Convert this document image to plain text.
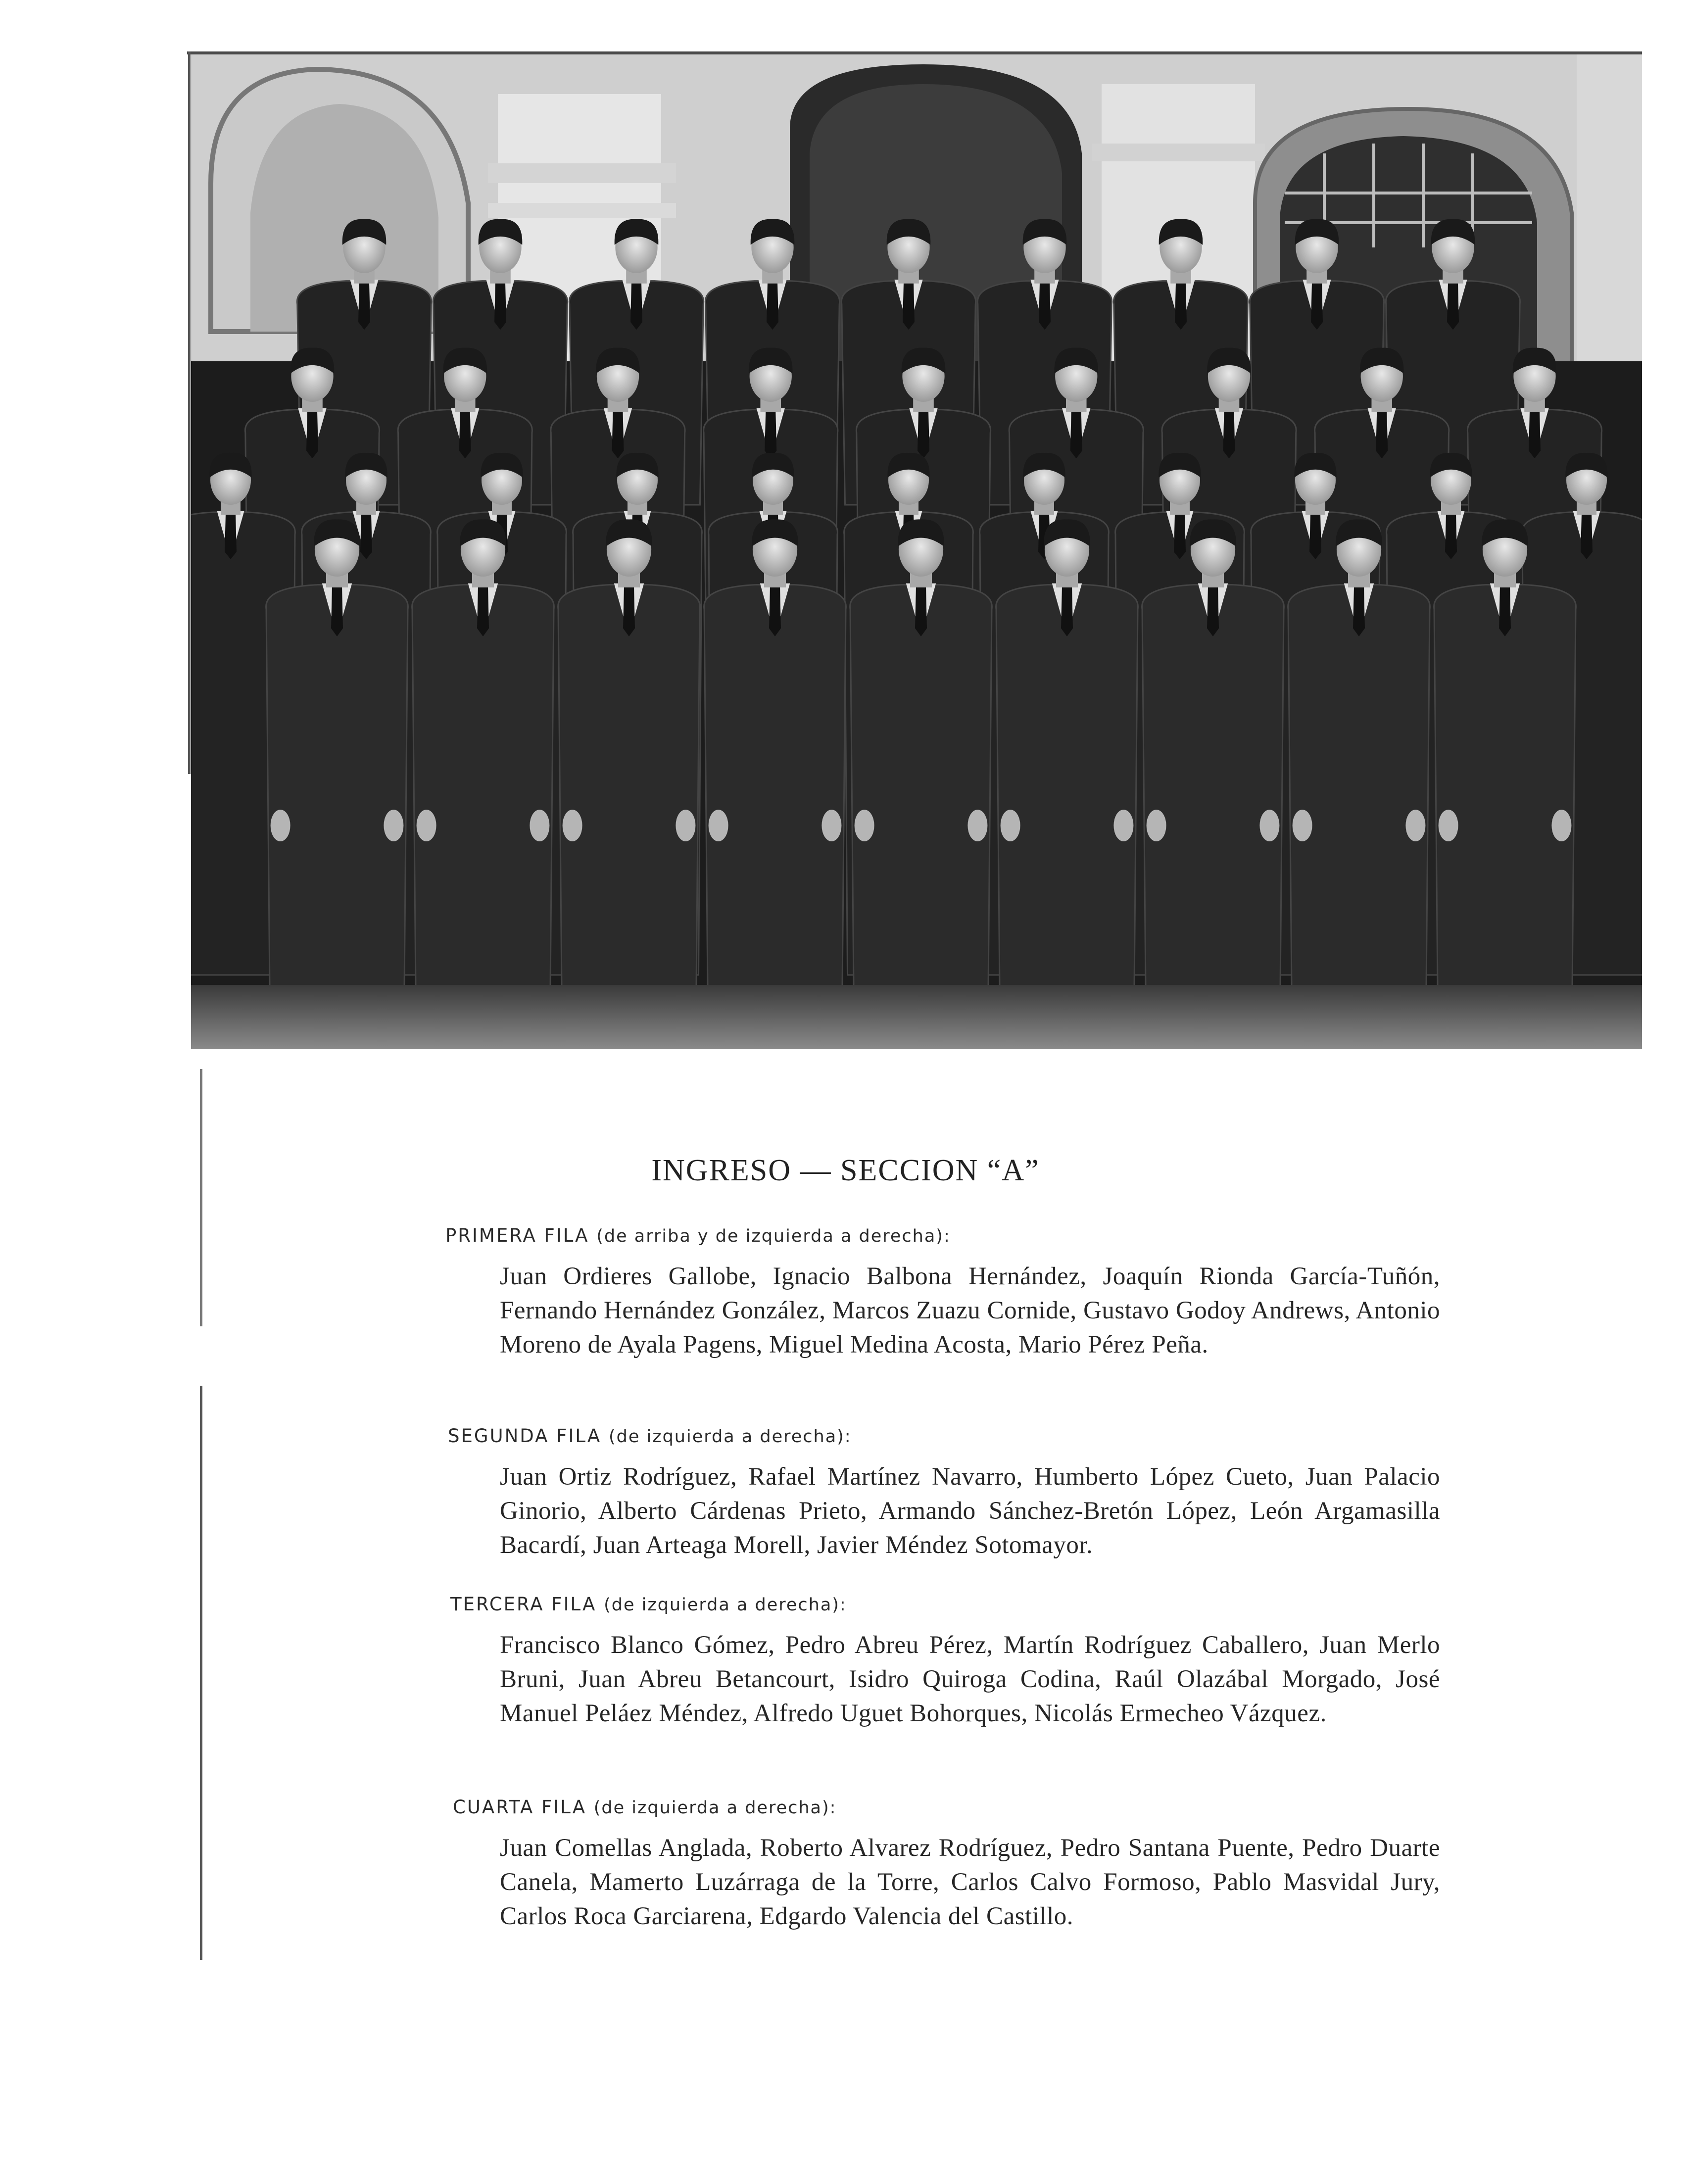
INGRESO — SECCION “A”
PRIMERA FILA (de arriba y de izquierda a derecha):
Juan Ordieres Gallobe, Ignacio Balbona Hernández, Joaquín Rionda García-Tuñón, Fernando Hernández González, Marcos Zuazu Cornide, Gustavo Godoy Andrews, Antonio Moreno de Ayala Pagens, Miguel Medina Acosta, Mario Pérez Peña.
SEGUNDA FILA (de izquierda a derecha):
Juan Ortiz Rodríguez, Rafael Martínez Navarro, Humberto López Cueto, Juan Palacio Ginorio, Alberto Cárdenas Prieto, Armando Sánchez-Bretón López, León Argamasilla Bacardí, Juan Arteaga Morell, Javier Méndez Sotomayor.
TERCERA FILA (de izquierda a derecha):
Francisco Blanco Gómez, Pedro Abreu Pérez, Martín Rodríguez Caballero, Juan Merlo Bruni, Juan Abreu Betancourt, Isidro Quiroga Codina, Raúl Olazábal Morgado, José Manuel Peláez Méndez, Alfredo Uguet Bohorques, Nicolás Ermecheo Vázquez.
CUARTA FILA (de izquierda a derecha):
Juan Comellas Anglada, Roberto Alvarez Rodríguez, Pedro Santana Puente, Pedro Duarte Canela, Mamerto Luzárraga de la Torre, Carlos Calvo Formoso, Pablo Masvidal Jury, Carlos Roca Garciarena, Edgardo Valencia del Castillo.
